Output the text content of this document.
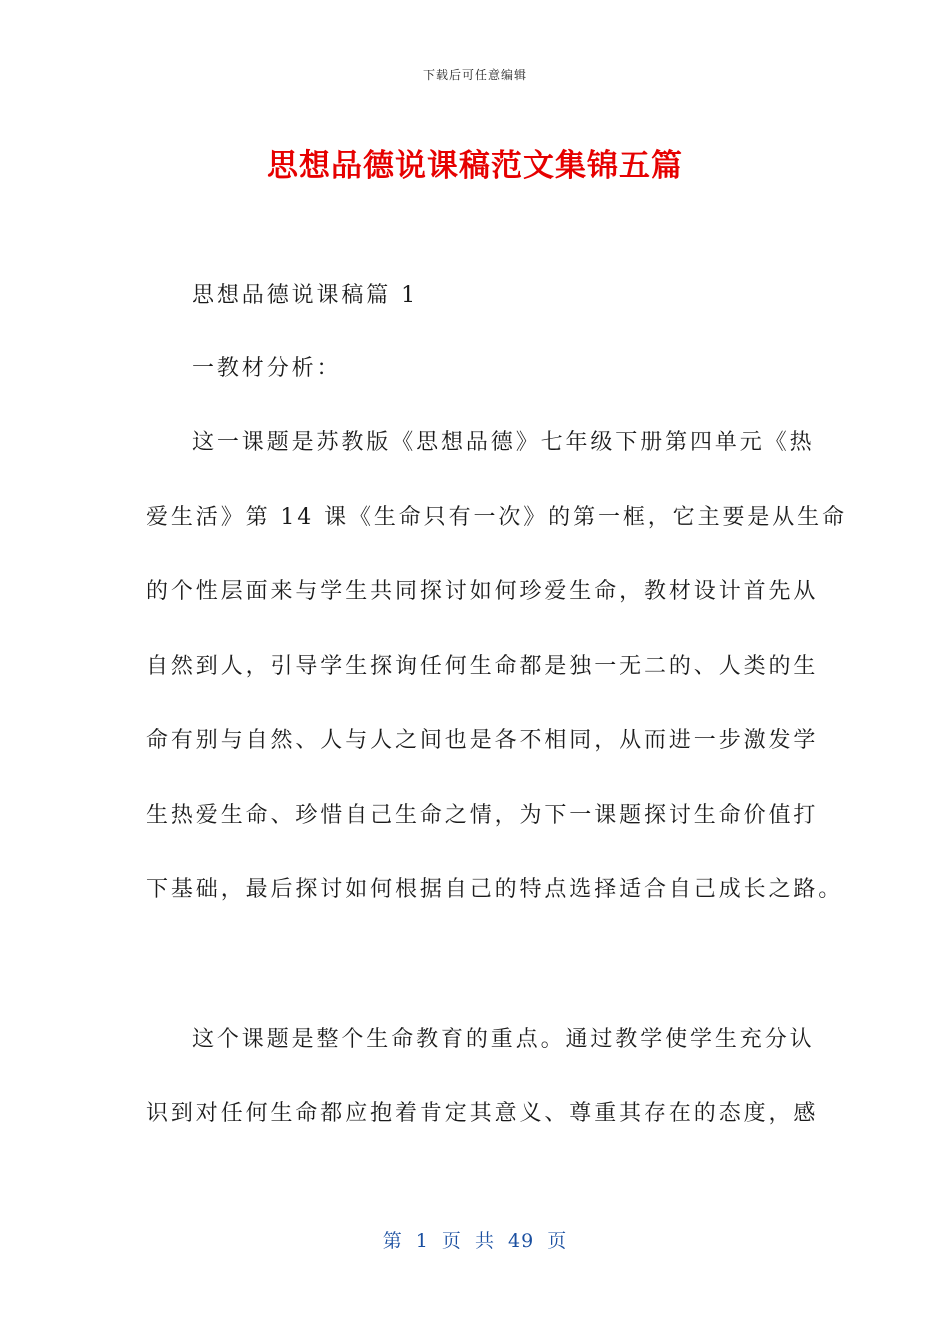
下载后可任意编辑
思想品德说课稿范文集锦五篇
思想品德说课稿篇 1
一教材分析：
这一课题是苏教版《思想品德》七年级下册第四单元《热
爱生活》第 14 课《生命只有一次》的第一框，它主要是从生命
的个性层面来与学生共同探讨如何珍爱生命，教材设计首先从
自然到人，引导学生探询任何生命都是独一无二的、人类的生
命有别与自然、人与人之间也是各不相同，从而进一步激发学
生热爱生命、珍惜自己生命之情，为下一课题探讨生命价值打
下基础，最后探讨如何根据自己的特点选择适合自己成长之路。
这个课题是整个生命教育的重点。通过教学使学生充分认
识到对任何生命都应抱着肯定其意义、尊重其存在的态度，感
第 1 页 共 49 页
